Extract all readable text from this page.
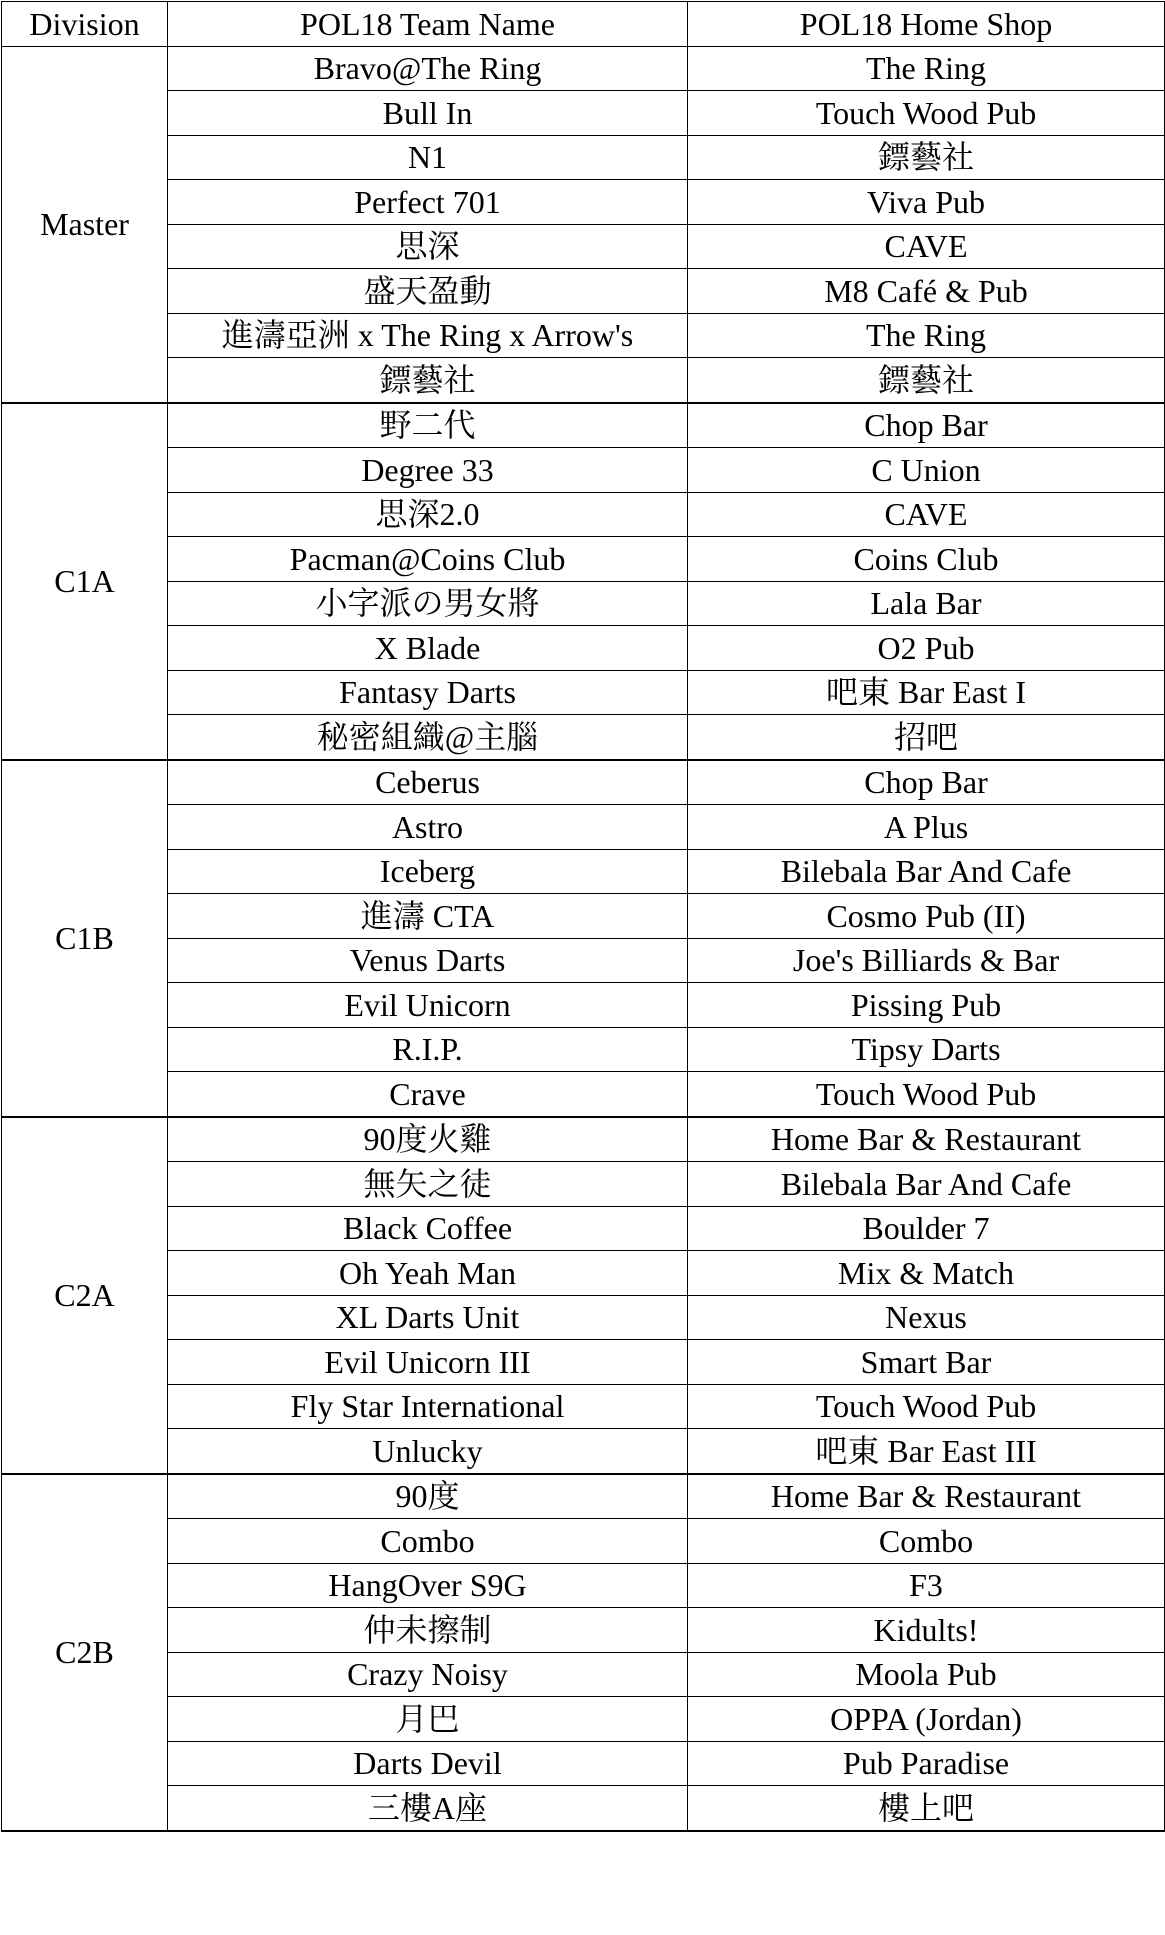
Division	POL18 Team Name	POL18 Home Shop
Master	Bravo@The Ring	The Ring
	Bull In	Touch Wood Pub
	N1	鏢藝社
	Perfect 701	Viva Pub
	思深	CAVE
	盛天盈動	M8 Café & Pub
	進濤亞洲 x The Ring x Arrow's	The Ring
	鏢藝社	鏢藝社
C1A	野二代	Chop Bar
	Degree 33	C Union
	思深2.0	CAVE
	Pacman@Coins Club	Coins Club
	小字派の男女將	Lala Bar
	X Blade	O2 Pub
	Fantasy Darts	吧東 Bar East I
	秘密組織@主腦	招吧
C1B	Ceberus	Chop Bar
	Astro	A Plus
	Iceberg	Bilebala Bar And Cafe
	進濤 CTA	Cosmo Pub (II)
	Venus Darts	Joe's Billiards & Bar
	Evil Unicorn	Pissing Pub
	R.I.P.	Tipsy Darts
	Crave	Touch Wood Pub
C2A	90度火雞	Home Bar & Restaurant
	無矢之徒	Bilebala Bar And Cafe
	Black Coffee	Boulder 7
	Oh Yeah Man	Mix & Match
	XL Darts Unit	Nexus
	Evil Unicorn III	Smart Bar
	Fly Star International	Touch Wood Pub
	Unlucky	吧東 Bar East III
C2B	90度	Home Bar & Restaurant
	Combo	Combo
	HangOver S9G	F3
	仲未擦制	Kidults!
	Crazy Noisy	Moola Pub
	月巴	OPPA (Jordan)
	Darts Devil	Pub Paradise
	三樓A座	樓上吧
